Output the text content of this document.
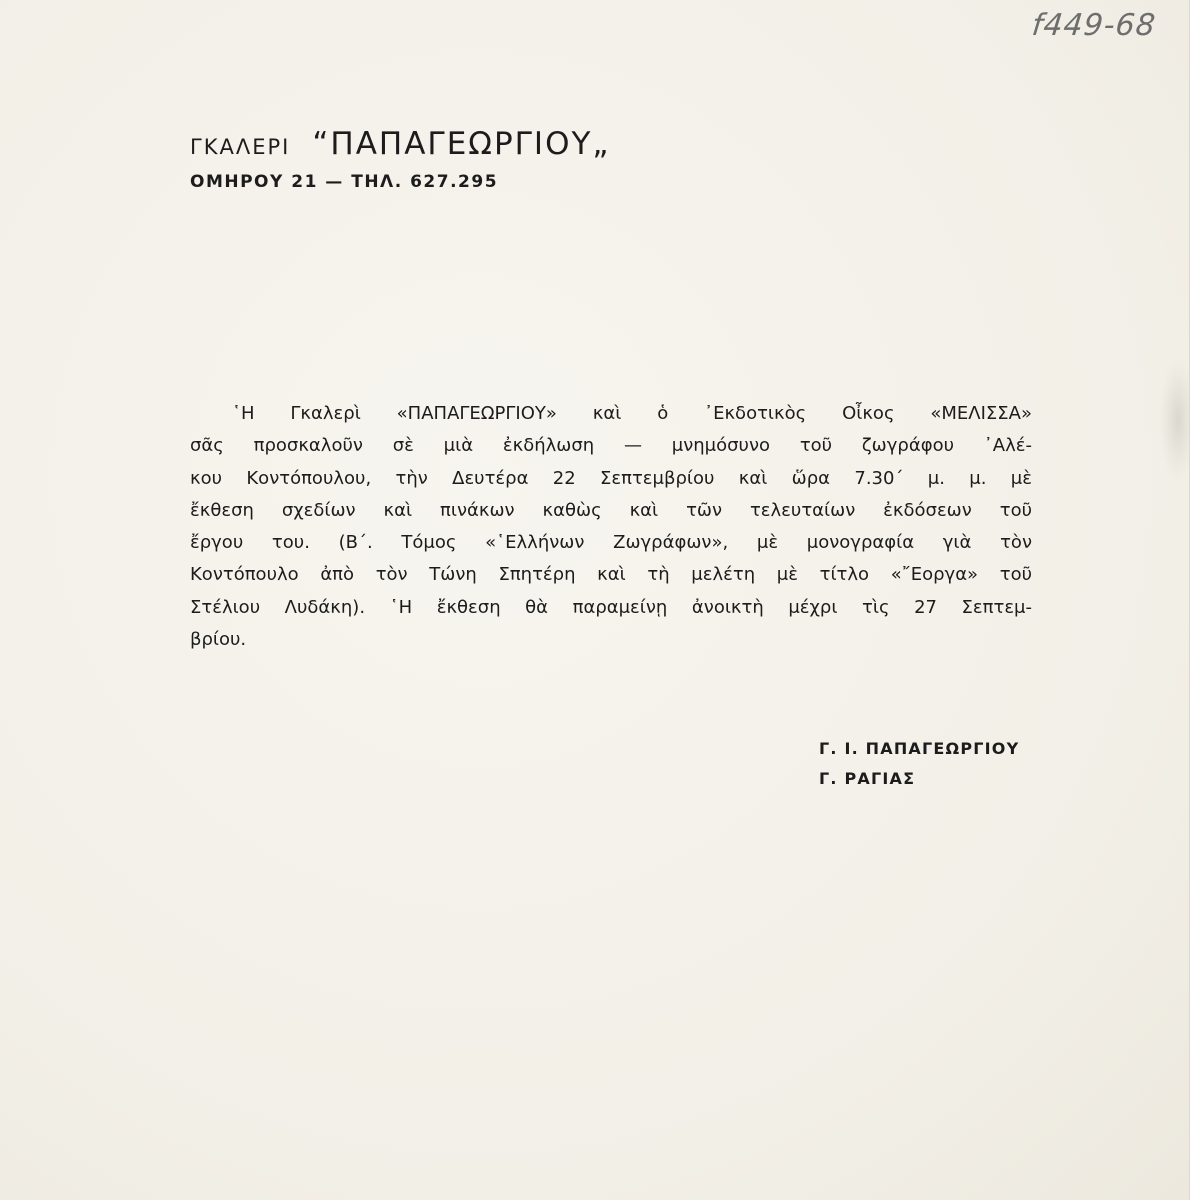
f449-68
ΓΚΑΛΕΡΙ “ΠΑΠΑΓΕΩΡΓΙΟΥ„
ΟΜΗΡΟΥ 21 — ΤΗΛ. 627.295
῾Η Γκαλερὶ «ΠΑΠΑΓΕΩΡΓΙΟΥ» καὶ ὁ ᾿Εκδοτικὸς Οἶκος «ΜΕΛΙΣΣΑ»
σᾶς προσκαλοῦν σὲ μιὰ ἐκδήλωση — μνημόσυνο τοῦ ζωγράφου ᾿Αλέ-
κου Κοντόπουλου, τὴν Δευτέρα 22 Σεπτεμβρίου καὶ ὥρα 7.30΄ μ. μ. μὲ
ἔκθεση σχεδίων καὶ πινάκων καθὼς καὶ τῶν τελευταίων ἐκδόσεων τοῦ
ἔργου του. (Β΄. Τόμος «῾Ελλήνων Ζωγράφων», μὲ μονογραφία γιὰ τὸν
Κοντόπουλο ἀπὸ τὸν Τώνη Σπητέρη καὶ τὴ μελέτη μὲ τίτλο «῎Εοργα» τοῦ
Στέλιου Λυδάκη). ῾Η ἔκθεση θὰ παραμείνῃ ἀνοικτὴ μέχρι τὶς 27 Σεπτεμ-
βρίου.
Γ. Ι. ΠΑΠΑΓΕΩΡΓΙΟΥ
Γ. ΡΑΓΙΑΣ
